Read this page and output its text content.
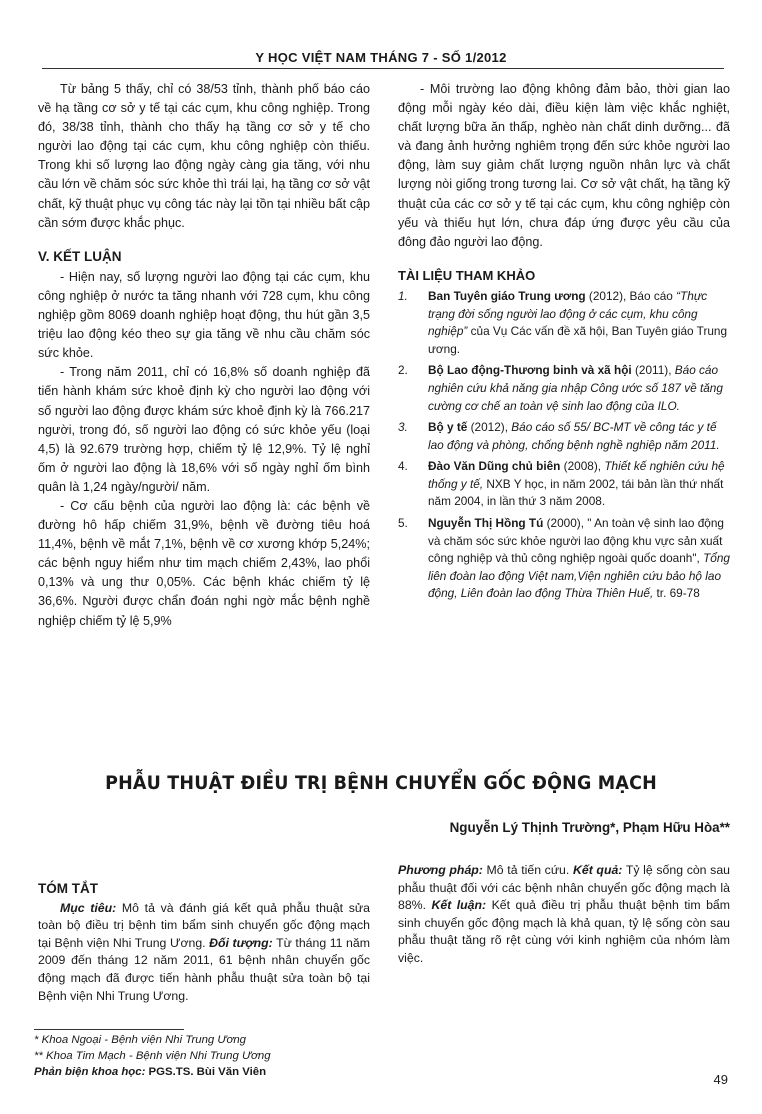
Y HỌC VIỆT NAM THÁNG 7 - SỐ 1/2012

Từ bảng 5 thấy, chỉ có 38/53 tỉnh, thành phố báo cáo về hạ tầng cơ sở y tế tại các cụm, khu công nghiệp. Trong đó, 38/38 tỉnh, thành cho thấy hạ tầng cơ sở y tế cho người lao động tại các cụm, khu công nghiệp còn thiếu. Trong khi số lượng lao động ngày càng gia tăng, với nhu cầu lớn về chăm sóc sức khỏe thì trái lại, hạ tầng cơ sở vật chất, kỹ thuật phục vụ công tác này lại tồn tại nhiều bất cập cần sớm được khắc phục.

V. KẾT LUẬN

- Hiện nay, số lượng người lao động tại các cụm, khu công nghiệp ở nước ta tăng nhanh với 728 cụm, khu công nghiệp gồm 8069 doanh nghiệp hoạt động, thu hút gần 3,5 triệu lao động kéo theo sự gia tăng về nhu cầu chăm sóc sức khỏe.

- Trong năm 2011, chỉ có 16,8% số doanh nghiệp đã tiến hành khám sức khoẻ định kỳ cho người lao động với số người lao động được khám sức khoẻ định kỳ là 766.217 người, trong đó, số người lao động có sức khỏe yếu (loại 4,5) là 92.679 trường hợp, chiếm tỷ lệ 12,9%. Tỷ lệ nghỉ ốm ở người lao động là 18,6% với số ngày nghỉ ốm bình quân là 1,24 ngày/người/ năm.

- Cơ cấu bệnh của người lao động là: các bệnh về đường hô hấp chiếm 31,9%, bệnh về đường tiêu hoá 11,4%, bệnh về mắt 7,1%, bệnh về cơ xương khớp 5,24%; các bệnh nguy hiểm như tim mạch chiếm 2,43%, lao phổi 0,13% và ung thư 0,05%. Các bệnh khác chiếm tỷ lệ 36,6%. Người được chẩn đoán nghi ngờ mắc bệnh nghề nghiệp chiếm tỷ lệ 5,9%

- Môi trường lao động không đảm bảo, thời gian lao động mỗi ngày kéo dài, điều kiện làm việc khắc nghiệt, chất lượng bữa ăn thấp, nghèo nàn chất dinh dưỡng... đã và đang ảnh hưởng nghiêm trọng đến sức khỏe người lao động, làm suy giảm chất lượng nguồn nhân lực và chất lượng nòi giống trong tương lai. Cơ sở vật chất, hạ tầng kỹ thuật của các cơ sở y tế tại các cụm, khu công nghiệp còn yếu và thiếu hụt lớn, chưa đáp ứng được yêu cầu của đông đảo người lao động.

TÀI LIỆU THAM KHẢO
1.	Ban Tuyên giáo Trung ương (2012), Báo cáo “Thực trạng đời sống người lao động ở các cụm, khu công nghiệp” của Vụ Các vấn đề xã hội, Ban Tuyên giáo Trung ương.
2.	Bộ Lao động-Thương binh và xã hội (2011), Báo cáo nghiên cứu khả năng gia nhập Công ước số 187 về tăng cường cơ chế an toàn vệ sinh lao động của ILO.
3.	Bộ y tế (2012), Báo cáo số 55/ BC-MT về công tác y tế lao động và phòng, chống bệnh nghề nghiệp năm 2011.
4.	Đào Văn Dũng chủ biên (2008), Thiết kế nghiên cứu hệ thống y tế, NXB Y học, in năm 2002, tái bản lần thứ nhất năm 2004, in lần thứ 3 năm 2008.
5.	Nguyễn Thị Hồng Tú (2000), " An toàn vệ sinh lao động và chăm sóc sức khỏe người lao động khu vực sản xuất công nghiệp và thủ công nghiệp ngoài quốc doanh", Tổng liên đoàn lao động Việt nam,Viện nghiên cứu bảo hộ lao động, Liên đoàn lao động Thừa Thiên Huế, tr. 69-78
PHẪU THUẬT ĐIỀU TRỊ BỆNH CHUYỂN GỐC ĐỘNG MẠCH
Nguyễn Lý Thịnh Trường*, Phạm Hữu Hòa**
TÓM TẮT

Mục tiêu: Mô tả và đánh giá kết quả phẫu thuật sửa toàn bộ điều trị bệnh tim bẩm sinh chuyển gốc động mạch tại Bệnh viện Nhi Trung Ương. Đối tượng: Từ tháng 11 năm 2009 đến tháng 12 năm 2011, 61 bệnh nhân chuyển gốc động mạch đã được tiến hành phẫu thuật sửa toàn bộ tại Bệnh viện Nhi Trung Ương.

Phương pháp: Mô tả tiến cứu. Kết quả: Tỷ lệ sống còn sau phẫu thuật đối với các bệnh nhân chuyển gốc động mạch là 88%. Kết luận: Kết quả điều trị phẫu thuật bệnh tim bẩm sinh chuyển gốc động mạch là khả quan, tỷ lệ sống còn sau phẫu thuật tăng rõ rệt cùng với kinh nghiệm của nhóm làm việc.

* Khoa Ngoại - Bệnh viện Nhi Trung Ương
** Khoa Tim Mạch - Bệnh viện Nhi Trung Ương
Phản biện khoa học: PGS.TS. Bùi Văn Viên	49
